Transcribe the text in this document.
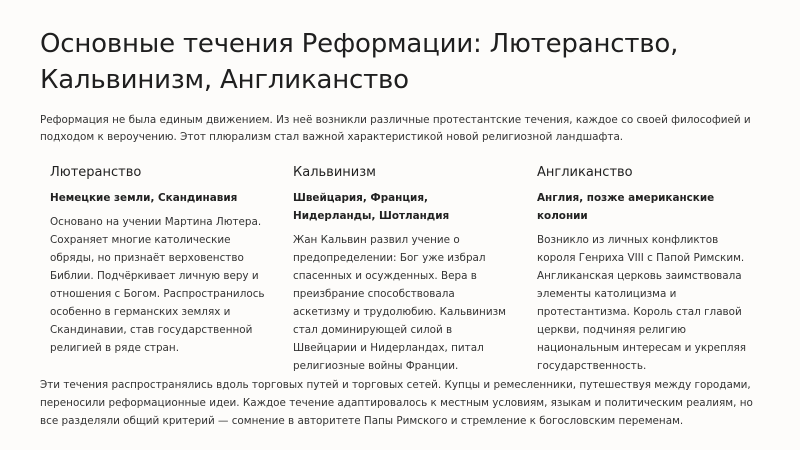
Основные течения Реформации: Лютеранство, Кальвинизм, Англиканство

Реформация не была единым движением. Из неё возникли различные протестантские течения, каждое со своей философией и подходом к вероучению. Этот плюрализм стал важной характеристикой новой религиозной ландшафта.

Лютеранство

Немецкие земли, Скандинавия

Основано на учении Мартина Лютера. Сохраняет многие католические обряды, но признаёт верховенство Библии. Подчёркивает личную веру и отношения с Богом. Распространилось особенно в германских землях и Скандинавии, став государственной религией в ряде стран.

Кальвинизм

Швейцария, Франция, Нидерланды, Шотландия

Жан Кальвин развил учение о предопределении: Бог уже избрал спасенных и осужденных. Вера в преизбрание способствовала аскетизму и трудолюбию. Кальвинизм стал доминирующей силой в Швейцарии и Нидерландах, питал религиозные войны Франции.

Англиканство

Англия, позже американские колонии

Возникло из личных конфликтов короля Генриха VIII с Папой Римским. Англиканская церковь заимствовала элементы католицизма и протестантизма. Король стал главой церкви, подчиняя религию национальным интересам и укрепляя государственность.

Эти течения распространялись вдоль торговых путей и торговых сетей. Купцы и ремесленники, путешествуя между городами, переносили реформационные идеи. Каждое течение адаптировалось к местным условиям, языкам и политическим реалиям, но все разделяли общий критерий — сомнение в авторитете Папы Римского и стремление к богословским переменам.
